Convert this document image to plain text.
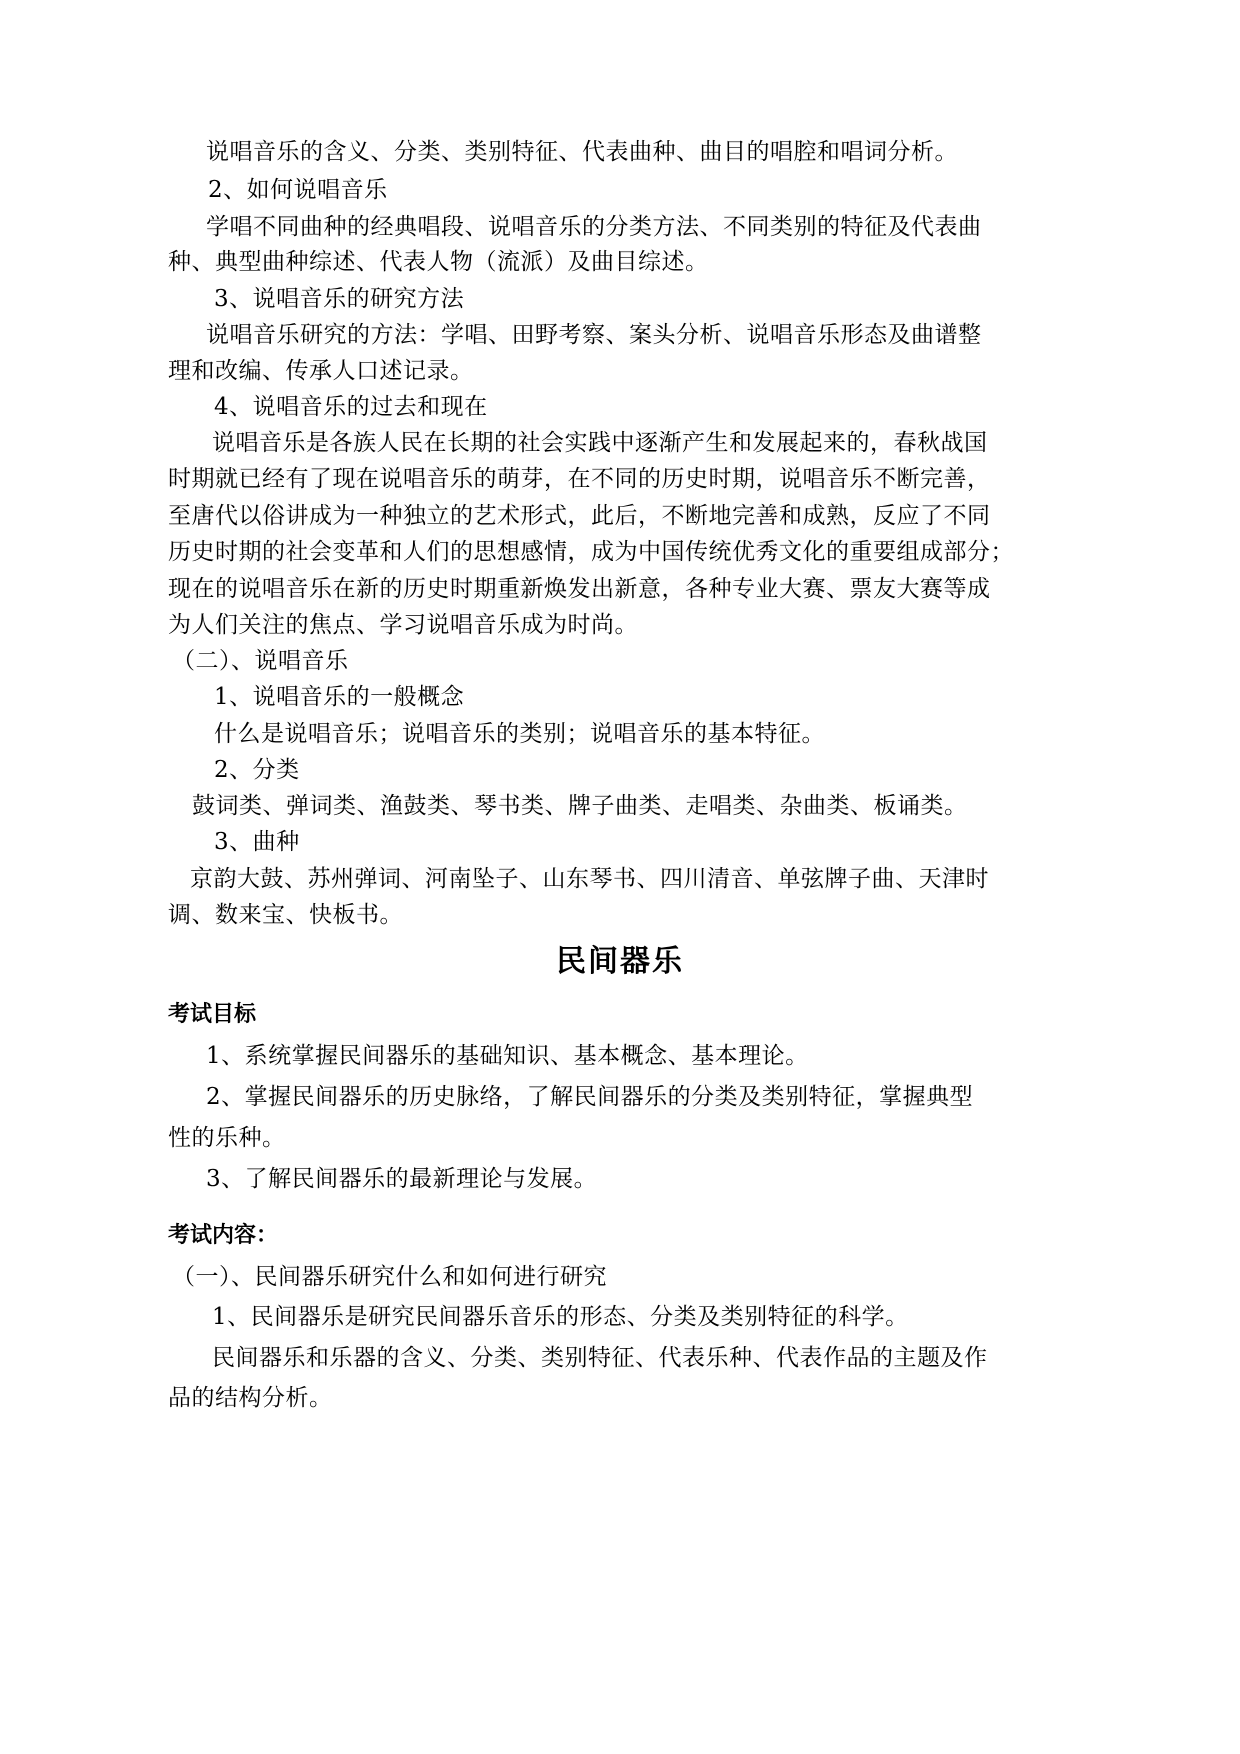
说唱音乐的含义、分类、类别特征、代表曲种、曲目的唱腔和唱词分析。
2、如何说唱音乐
学唱不同曲种的经典唱段、说唱音乐的分类方法、不同类别的特征及代表曲
种、典型曲种综述、代表人物（流派）及曲目综述。
3、说唱音乐的研究方法
说唱音乐研究的方法：学唱、田野考察、案头分析、说唱音乐形态及曲谱整
理和改编、传承人口述记录。
4、说唱音乐的过去和现在
说唱音乐是各族人民在长期的社会实践中逐渐产生和发展起来的，春秋战国
时期就已经有了现在说唱音乐的萌芽，在不同的历史时期，说唱音乐不断完善，
至唐代以俗讲成为一种独立的艺术形式，此后，不断地完善和成熟，反应了不同
历史时期的社会变革和人们的思想感情，成为中国传统优秀文化的重要组成部分；
现在的说唱音乐在新的历史时期重新焕发出新意，各种专业大赛、票友大赛等成
为人们关注的焦点、学习说唱音乐成为时尚。
（二）、说唱音乐
1、说唱音乐的一般概念
什么是说唱音乐；说唱音乐的类别；说唱音乐的基本特征。
2、分类
鼓词类、弹词类、渔鼓类、琴书类、牌子曲类、走唱类、杂曲类、板诵类。
3、曲种
京韵大鼓、苏州弹词、河南坠子、山东琴书、四川清音、单弦牌子曲、天津时
调、数来宝、快板书。
民间器乐
考试目标
1、系统掌握民间器乐的基础知识、基本概念、基本理论。
2、掌握民间器乐的历史脉络，了解民间器乐的分类及类别特征，掌握典型
性的乐种。
3、了解民间器乐的最新理论与发展。
考试内容：
（一）、民间器乐研究什么和如何进行研究
1、民间器乐是研究民间器乐音乐的形态、分类及类别特征的科学。
民间器乐和乐器的含义、分类、类别特征、代表乐种、代表作品的主题及作
品的结构分析。
